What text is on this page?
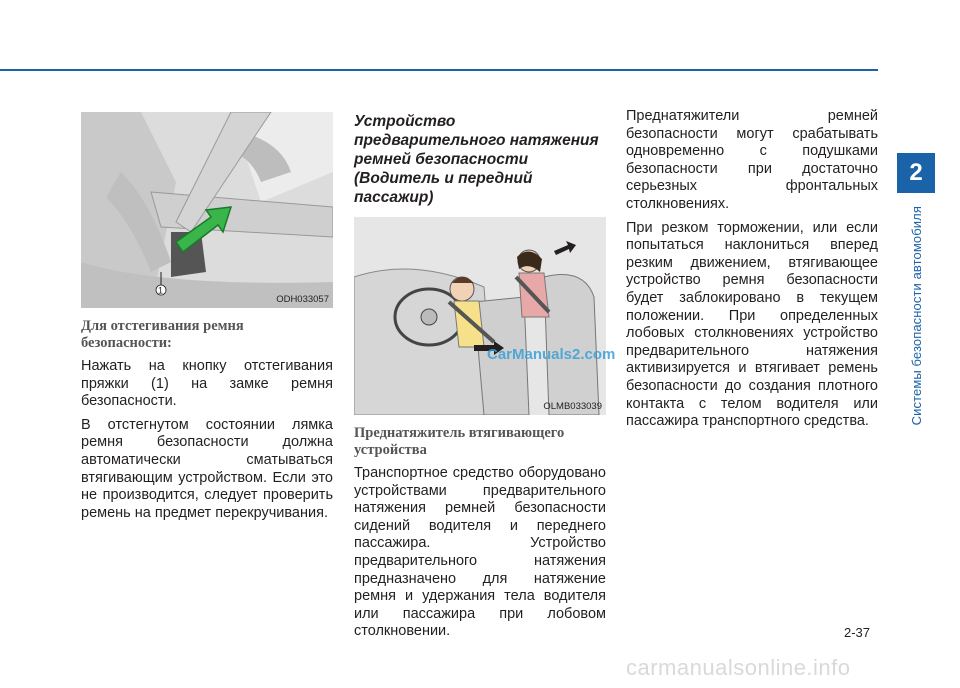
2
Системы безопасности автомобиля
1
ODH033057
Для отстегивания ремня безопасности:

Нажать на кнопку отстегивания пряжки (1) на замке ремня безопасности.

В отстегнутом состоянии лямка ремня безопасности должна автоматически сматываться втягивающим устройством. Если это не производится, следует проверить ремень на предмет перекручивания.

Устройство предварительного натяжения ремней безопасности (Водитель и передний пассажир)
OLMB033039
Преднатяжитель втягивающего устройства

Транспортное средство оборудовано устройствами предварительного натяжения ремней безопасности сидений водителя и переднего пассажира. Устройство предварительного натяжения предназначено для натяжение ремня и удержания тела водителя или пассажира при лобовом столкновении.

Преднатяжители ремней безопасности могут срабатывать одновременно с подушками безопасности при достаточно серьезных фронтальных столкновениях.

При резком торможении, или если попытаться наклониться вперед резким движением, втягивающее устройство ремня безопасности будет заблокировано в текущем положении. При определенных лобовых столкновениях устройство предварительного натяжения активизируется и втягивает ремень безопасности до создания плотного контакта с телом водителя или пассажира транспортного средства.

CarManuals2.com
2-37
carmanualsonline.info
